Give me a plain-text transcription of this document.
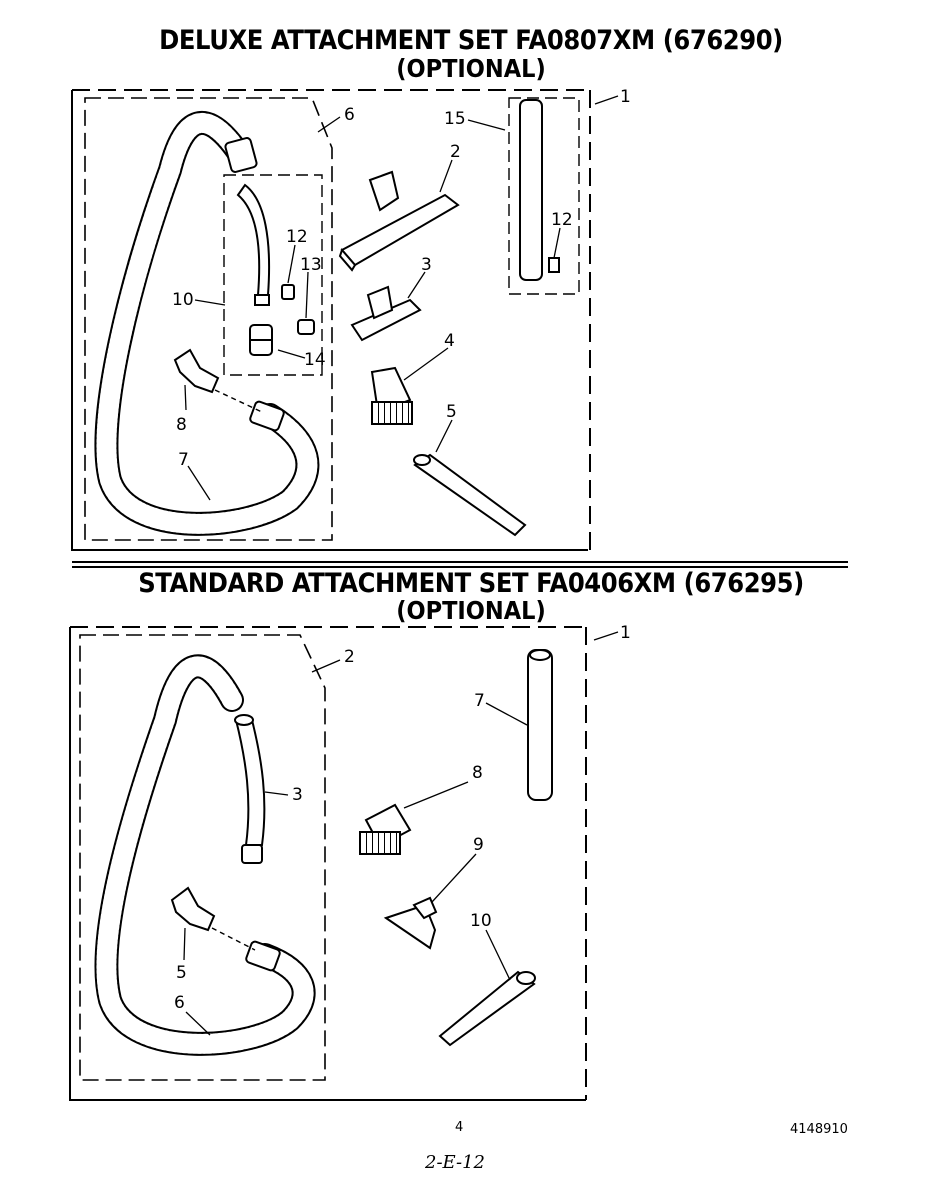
DELUXE ATTACHMENT SET FA0807XM (676290)
(OPTIONAL)
STANDARD ATTACHMENT SET FA0406XM (676295)
(OPTIONAL)
1
6	15
2
12
12
13
10
3
14
4
8
5
7
1
2
7
3
8
9
10
5
6
4	4148910
2-E-12
